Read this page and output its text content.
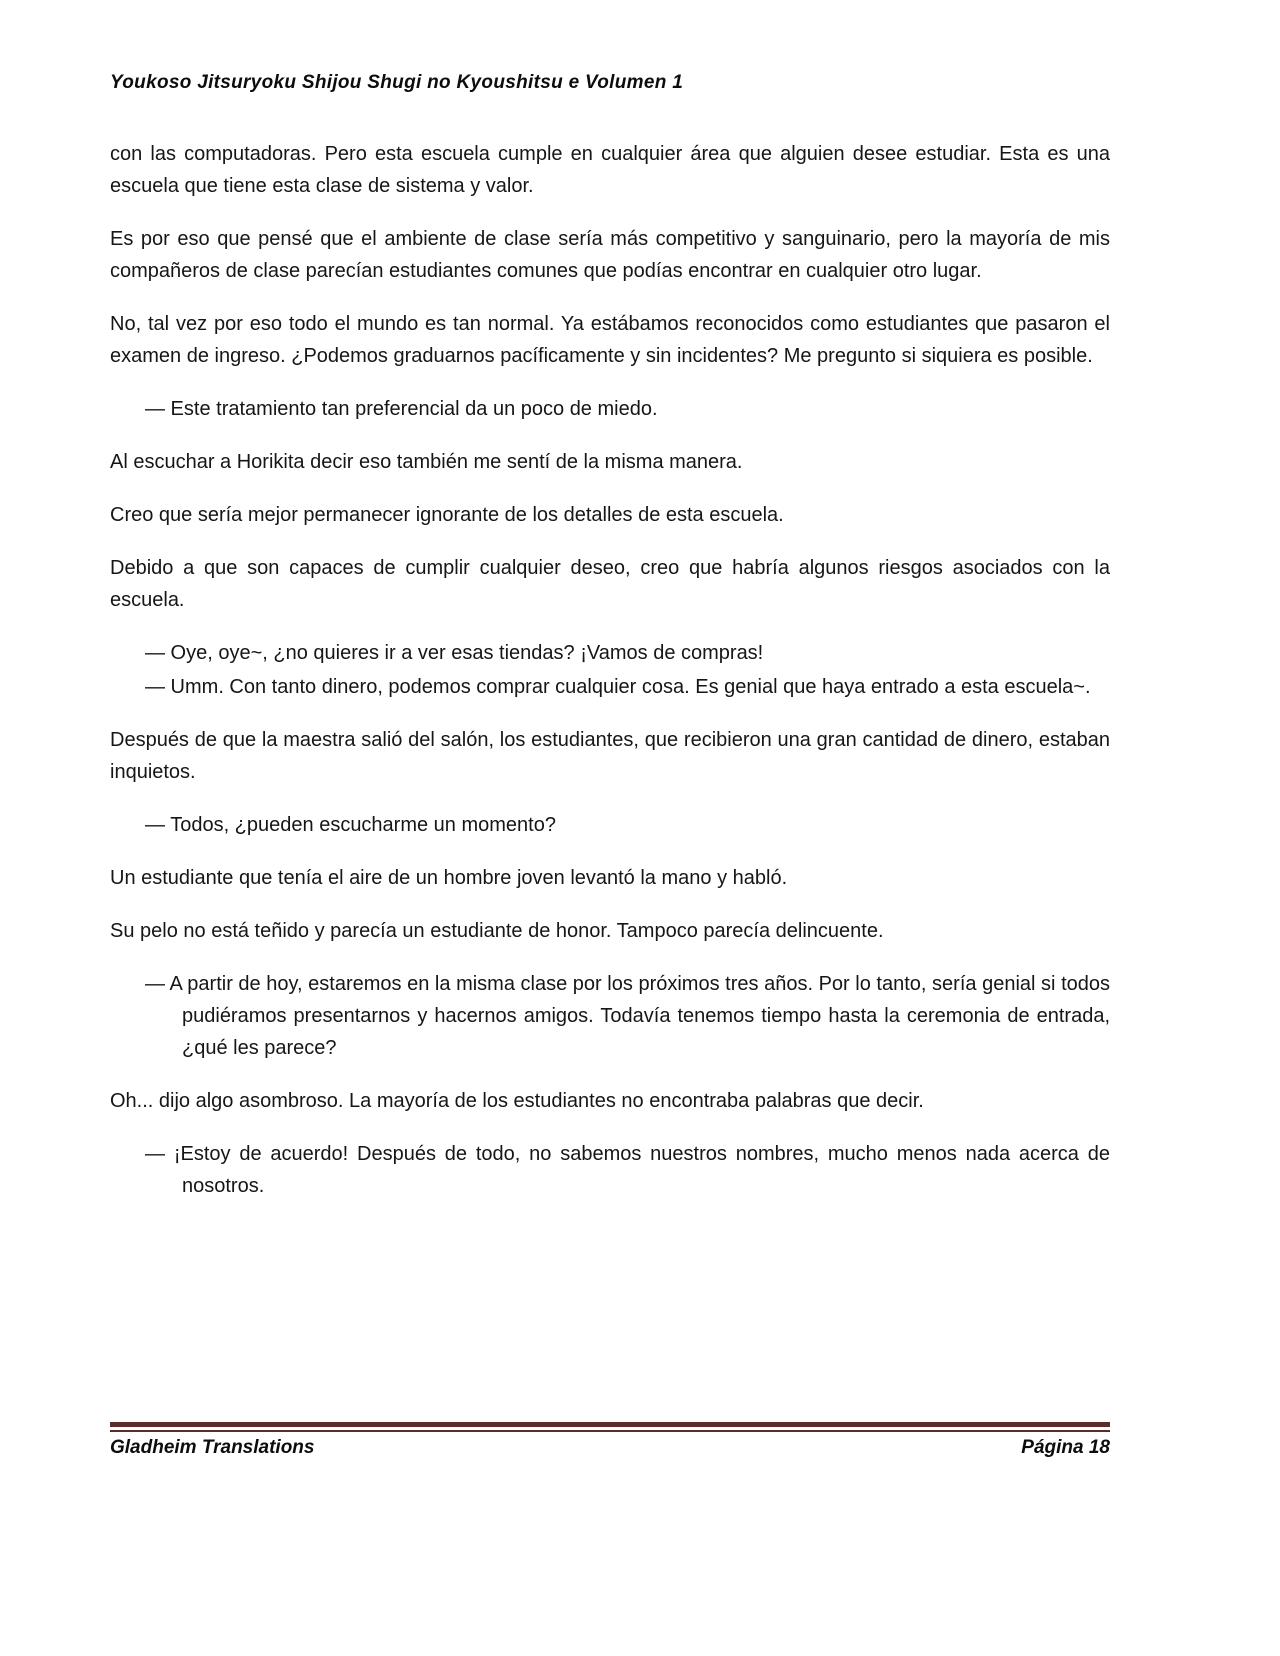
Youkoso Jitsuryoku Shijou Shugi no Kyoushitsu e Volumen 1

con las computadoras. Pero esta escuela cumple en cualquier área que alguien desee estudiar. Esta es una escuela que tiene esta clase de sistema y valor.

Es por eso que pensé que el ambiente de clase sería más competitivo y sanguinario, pero la mayoría de mis compañeros de clase parecían estudiantes comunes que podías encontrar en cualquier otro lugar.

No, tal vez por eso todo el mundo es tan normal. Ya estábamos reconocidos como estudiantes que pasaron el examen de ingreso. ¿Podemos graduarnos pacíficamente y sin incidentes? Me pregunto si siquiera es posible.

— Este tratamiento tan preferencial da un poco de miedo.

Al escuchar a Horikita decir eso también me sentí de la misma manera.

Creo que sería mejor permanecer ignorante de los detalles de esta escuela.

Debido a que son capaces de cumplir cualquier deseo, creo que habría algunos riesgos asociados con la escuela.

— Oye, oye~, ¿no quieres ir a ver esas tiendas? ¡Vamos de compras!

— Umm. Con tanto dinero, podemos comprar cualquier cosa. Es genial que haya entrado a esta escuela~.

Después de que la maestra salió del salón, los estudiantes, que recibieron una gran cantidad de dinero, estaban inquietos.

— Todos, ¿pueden escucharme un momento?

Un estudiante que tenía el aire de un hombre joven levantó la mano y habló.

Su pelo no está teñido y parecía un estudiante de honor. Tampoco parecía delincuente.

— A partir de hoy, estaremos en la misma clase por los próximos tres años. Por lo tanto, sería genial si todos pudiéramos presentarnos y hacernos amigos. Todavía tenemos tiempo hasta la ceremonia de entrada, ¿qué les parece?

Oh... dijo algo asombroso. La mayoría de los estudiantes no encontraba palabras que decir.

— ¡Estoy de acuerdo! Después de todo, no sabemos nuestros nombres, mucho menos nada acerca de nosotros.

Gladheim Translations	Página 18
